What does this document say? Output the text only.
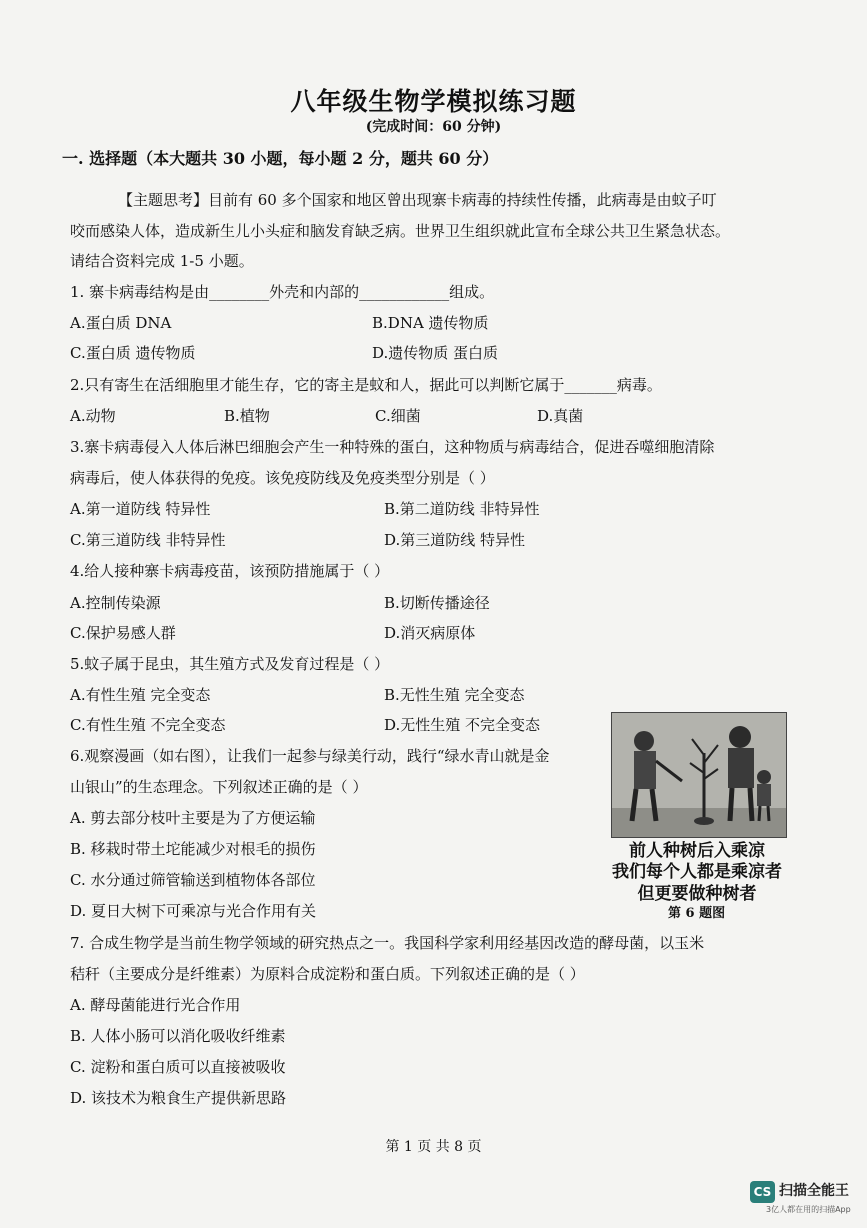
八年级生物学模拟练习题
(完成时间：60 分钟)
一. 选择题（本大题共 30 小题，每小题 2 分，题共 60 分）
【主题思考】目前有 60 多个国家和地区曾出现寨卡病毒的持续性传播，此病毒是由蚊子叮
咬而感染人体，造成新生儿小头症和脑发育缺乏病。世界卫生组织就此宣布全球公共卫生紧急状态。
请结合资料完成 1-5 小题。
1. 寨卡病毒结构是由________外壳和内部的____________组成。
A.蛋白质 DNA	B.DNA 遗传物质
C.蛋白质 遗传物质	D.遗传物质 蛋白质
2.只有寄生在活细胞里才能生存，它的寄主是蚊和人，据此可以判断它属于_______病毒。
A.动物	B.植物	C.细菌	D.真菌
3.寨卡病毒侵入人体后淋巴细胞会产生一种特殊的蛋白，这种物质与病毒结合，促进吞噬细胞清除
病毒后，使人体获得的免疫。该免疫防线及免疫类型分别是（ ）
A.第一道防线 特异性	B.第二道防线 非特异性
C.第三道防线 非特异性	D.第三道防线 特异性
4.给人接种寨卡病毒疫苗，该预防措施属于（ ）
A.控制传染源	B.切断传播途径
C.保护易感人群	D.消灭病原体
5.蚊子属于昆虫，其生殖方式及发育过程是（ ）
A.有性生殖 完全变态	B.无性生殖 完全变态
C.有性生殖 不完全变态	D.无性生殖 不完全变态
6.观察漫画（如右图），让我们一起参与绿美行动，践行“绿水青山就是金
山银山”的生态理念。下列叙述正确的是（ ）
A. 剪去部分枝叶主要是为了方便运输
B. 移栽时带土坨能减少对根毛的损伤
C. 水分通过筛管输送到植物体各部位
D. 夏日大树下可乘凉与光合作用有关
前人种树后入乘凉
我们每个人都是乘凉者
但更要做种树者
第 6 题图
7. 合成生物学是当前生物学领域的研究热点之一。我国科学家利用经基因改造的酵母菌，以玉米
秸秆（主要成分是纤维素）为原料合成淀粉和蛋白质。下列叙述正确的是（ ）
A. 酵母菌能进行光合作用
B. 人体小肠可以消化吸收纤维素
C. 淀粉和蛋白质可以直接被吸收
D. 该技术为粮食生产提供新思路
第 1 页 共 8 页
CS 扫描全能王
3亿人都在用的扫描App
